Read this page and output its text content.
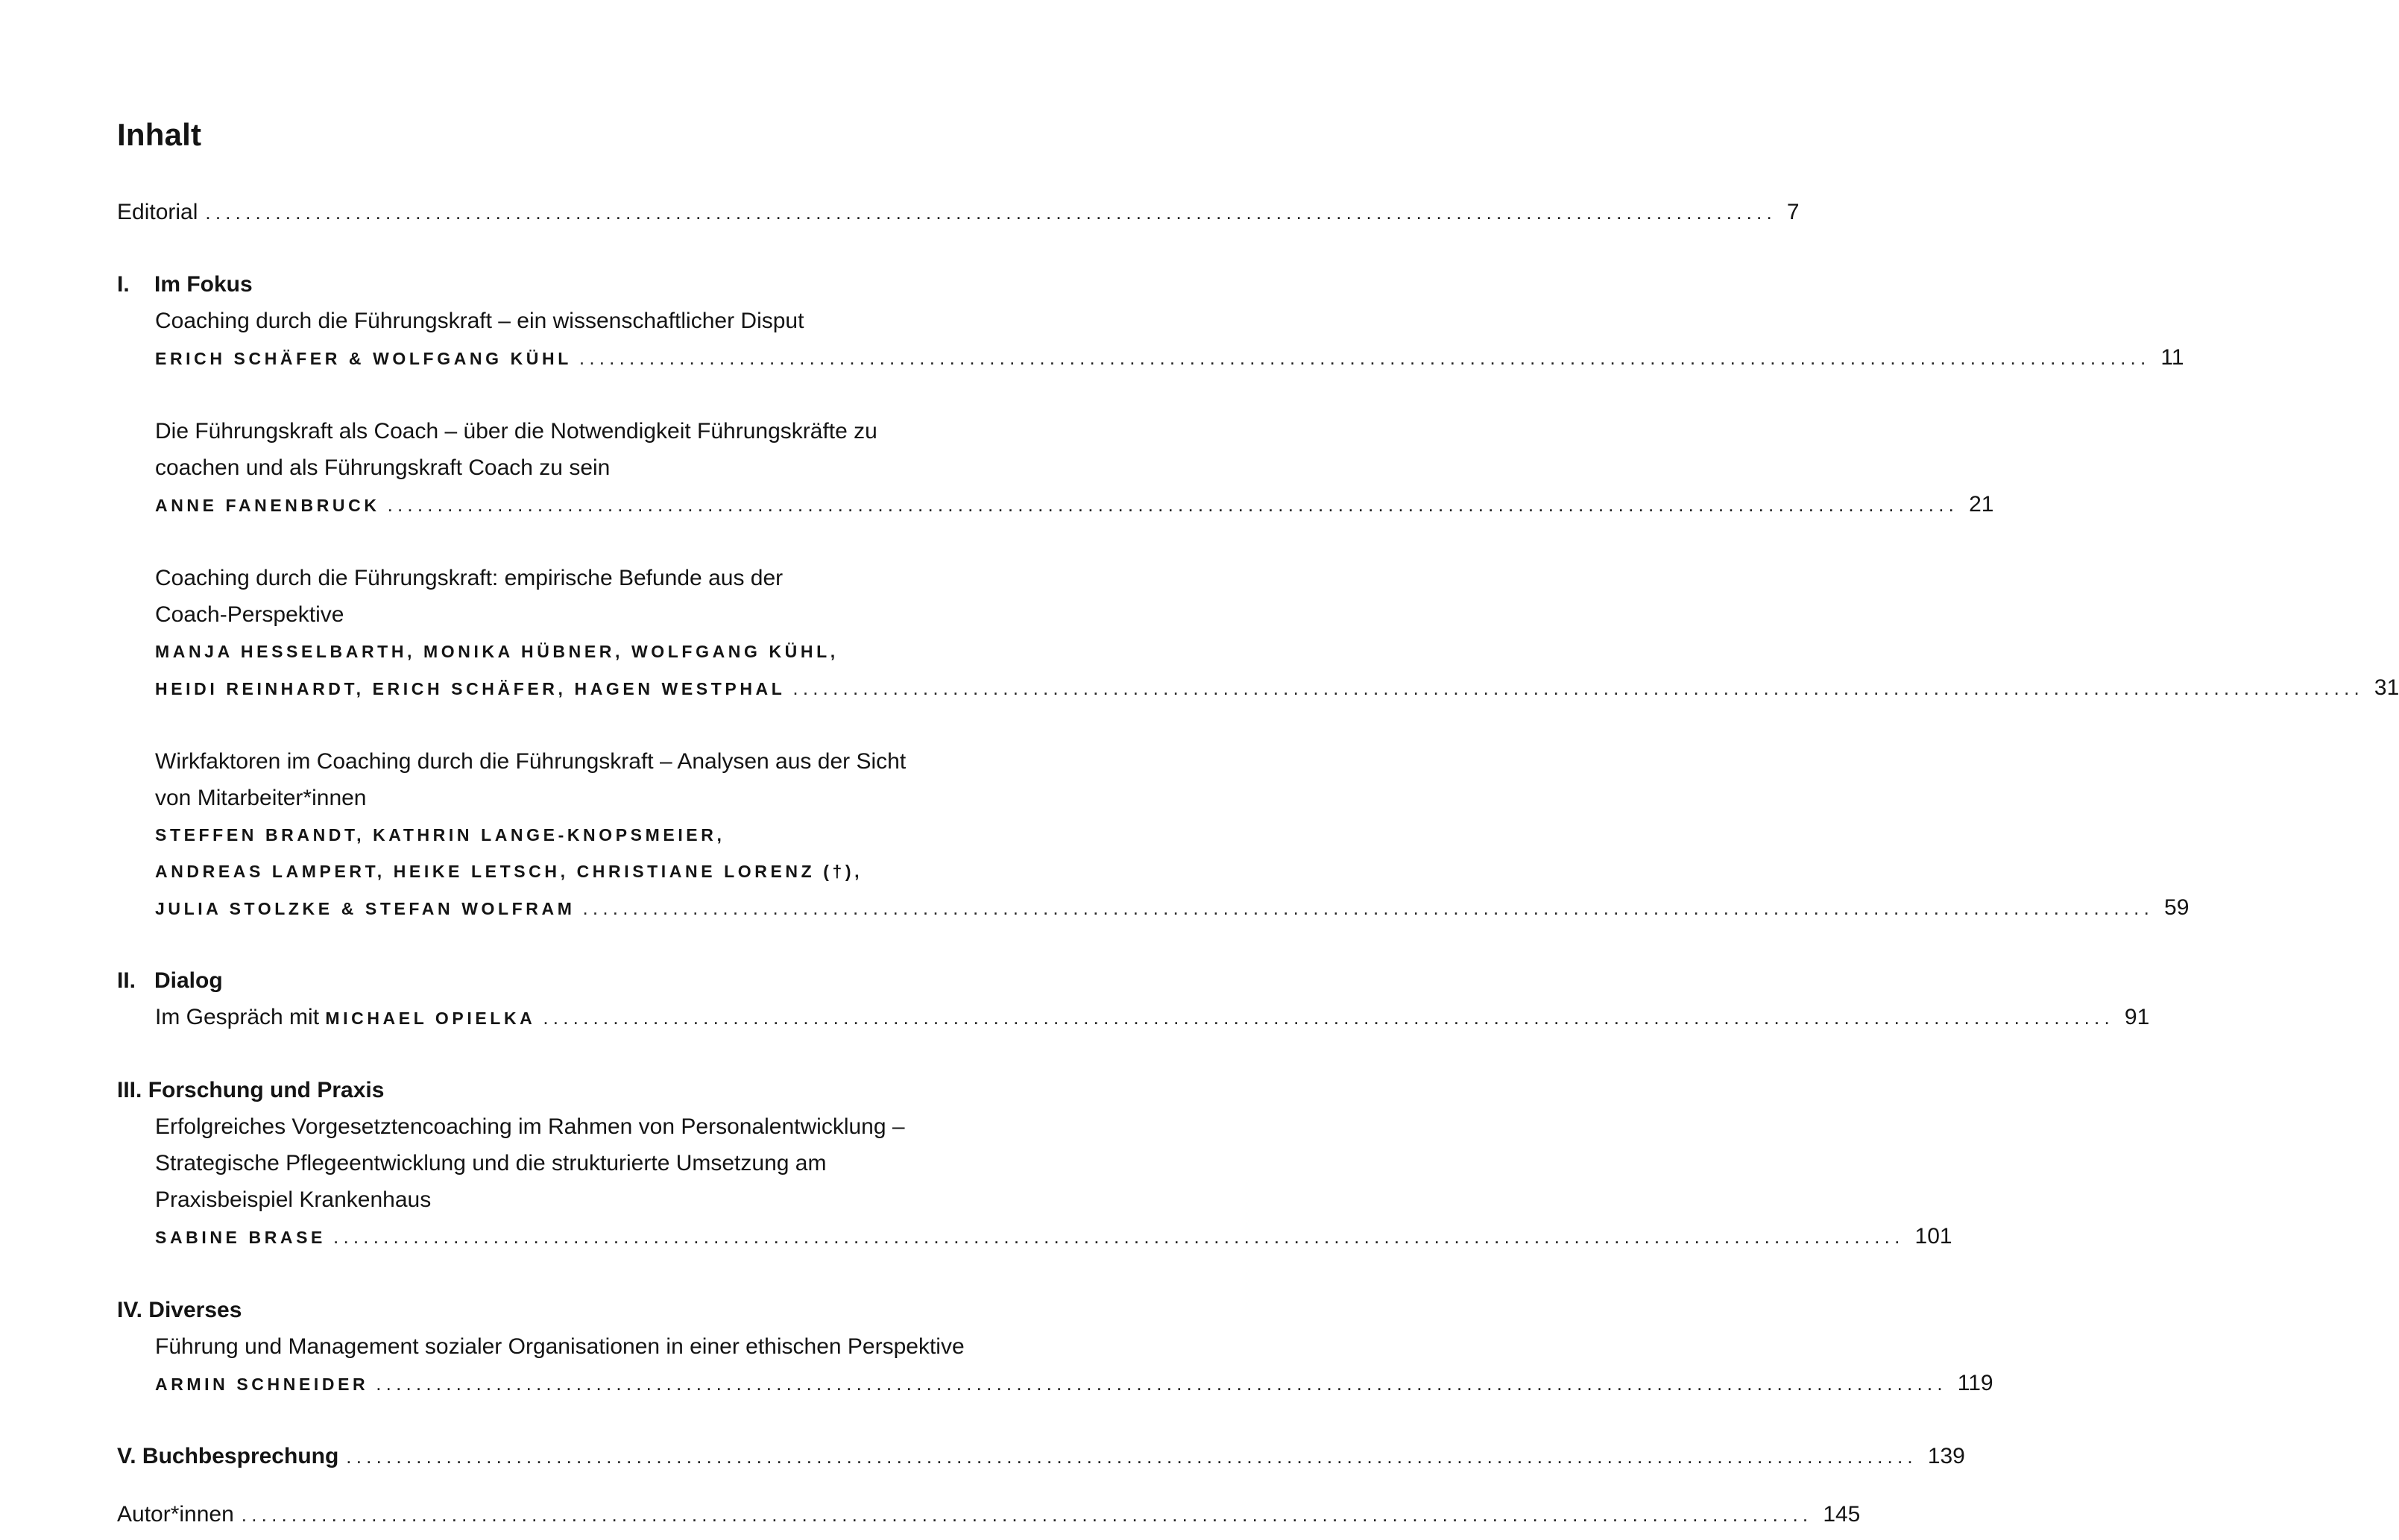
Inhalt
Editorial ............................................................................................................................................................. 7
I. Im Fokus
Coaching durch die Führungskraft – ein wissenschaftlicher Disput
ERICH SCHÄFER & WOLFGANG KÜHL ............................................................................................................................................................. 11
Die Führungskraft als Coach – über die Notwendigkeit Führungskräfte zu
coachen und als Führungskraft Coach zu sein
ANNE FANENBRUCK ............................................................................................................................................................. 21
Coaching durch die Führungskraft: empirische Befunde aus der
Coach-Perspektive
MANJA HESSELBARTH, MONIKA HÜBNER, WOLFGANG KÜHL,
HEIDI REINHARDT, ERICH SCHÄFER, HAGEN WESTPHAL ............................................................................................................................................................. 31
Wirkfaktoren im Coaching durch die Führungskraft – Analysen aus der Sicht
von Mitarbeiter*innen
STEFFEN BRANDT, KATHRIN LANGE-KNOPSMEIER,
ANDREAS LAMPERT, HEIKE LETSCH, CHRISTIANE LORENZ (†),
JULIA STOLZKE & STEFAN WOLFRAM ............................................................................................................................................................. 59
II. Dialog
Im Gespräch mit MICHAEL OPIELKA ............................................................................................................................................................. 91
III. Forschung und Praxis
Erfolgreiches Vorgesetztencoaching im Rahmen von Personalentwicklung –
Strategische Pflegeentwicklung und die strukturierte Umsetzung am
Praxisbeispiel Krankenhaus
SABINE BRASE ............................................................................................................................................................. 101
IV. Diverses
Führung und Management sozialer Organisationen in einer ethischen Perspektive
ARMIN SCHNEIDER ............................................................................................................................................................. 119
V. Buchbesprechung ............................................................................................................................................................. 139
Autor*innen ............................................................................................................................................................. 145
